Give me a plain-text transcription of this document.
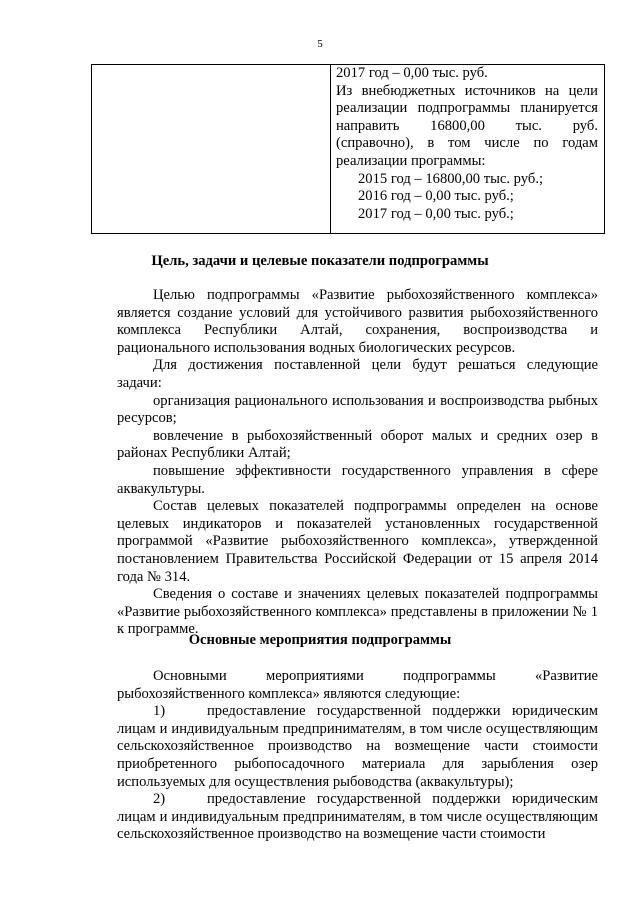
5
2017 год – 0,00 тыс. руб.
Из внебюджетных источников на цели
реализации подпрограммы планируется
направить 16800,00 тыс. руб.
(справочно), в том числе по годам
реализации программы:
2015 год – 16800,00 тыс. руб.;
2016 год – 0,00 тыс. руб.;
2017 год – 0,00 тыс. руб.;
Цель, задачи и целевые показатели подпрограммы

Целью подпрограммы «Развитие рыбохозяйственного комплекса» является создание условий для устойчивого развития рыбохозяйственного комплекса Республики Алтай, сохранения, воспроизводства и рационального использования водных биологических ресурсов.

Для достижения поставленной цели будут решаться следующие задачи:

организация рационального использования и воспроизводства рыбных ресурсов;

вовлечение в рыбохозяйственный оборот малых и средних озер в районах Республики Алтай;

повышение эффективности государственного управления в сфере аквакультуры.

Состав целевых показателей подпрограммы определен на основе целевых индикаторов и показателей установленных государственной программой «Развитие рыбохозяйственного комплекса», утвержденной постановлением Правительства Российской Федерации от 15 апреля 2014 года № 314.

Сведения о составе и значениях целевых показателей подпрограммы «Развитие рыбохозяйственного комплекса» представлены в приложении № 1 к программе.

Основные мероприятия подпрограммы

Основными мероприятиями подпрограммы «Развитие рыбохозяйственного комплекса» являются следующие:

1)	предоставление государственной поддержки юридическим лицам и индивидуальным предпринимателям, в том числе осуществляющим сельскохозяйственное производство на возмещение части стоимости приобретенного рыбопосадочного материала для зарыбления озер используемых для осуществления рыбоводства (аквакультуры);

2)	предоставление государственной поддержки юридическим лицам и индивидуальным предпринимателям, в том числе осуществляющим сельскохозяйственное производство на возмещение части стоимости
